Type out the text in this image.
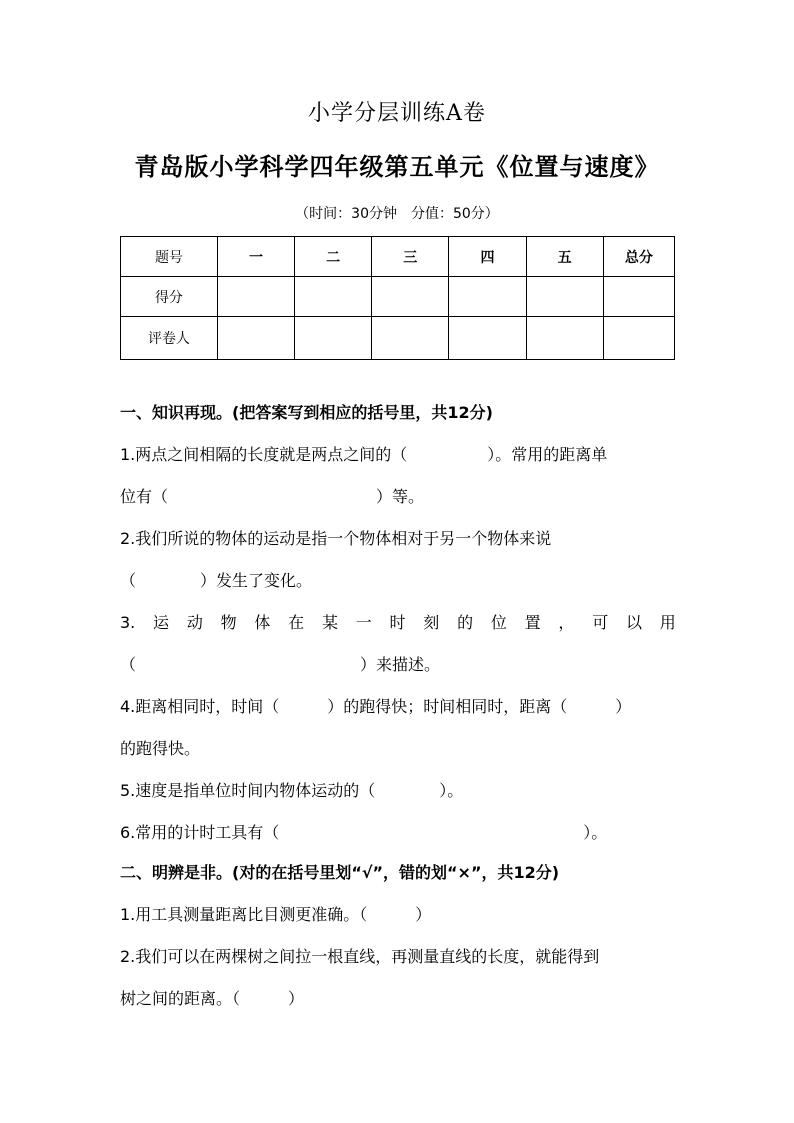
小学分层训练A卷
青岛版小学科学四年级第五单元《位置与速度》
（时间：30分钟　分值：50分）
题号	一	二	三	四	五	总分
得分						
评卷人						
一、知识再现。(把答案写到相应的括号里，共12分)
1.两点之间相隔的长度就是两点之间的（　　　　　）。常用的距离单
位有（　　　　　　　　　　　　　）等。
2.我们所说的物体的运动是指一个物体相对于另一个物体来说
（　　　　）发生了变化。
3. 运 动 物 体 在 某 一 时 刻 的 位 置 ， 可 以 用
（　　　　　　　　　　　　　　）来描述。
4.距离相同时，时间（　　　）的跑得快；时间相同时，距离（　　　）
的跑得快。
5.速度是指单位时间内物体运动的（　　　　）。
6.常用的计时工具有（　　　　　　　　　　　　　　　　　　　）。
二、明辨是非。(对的在括号里划“√”，错的划“×”，共12分)
1.用工具测量距离比目测更准确。（　　　）
2.我们可以在两棵树之间拉一根直线，再测量直线的长度，就能得到
树之间的距离。（　　　）
